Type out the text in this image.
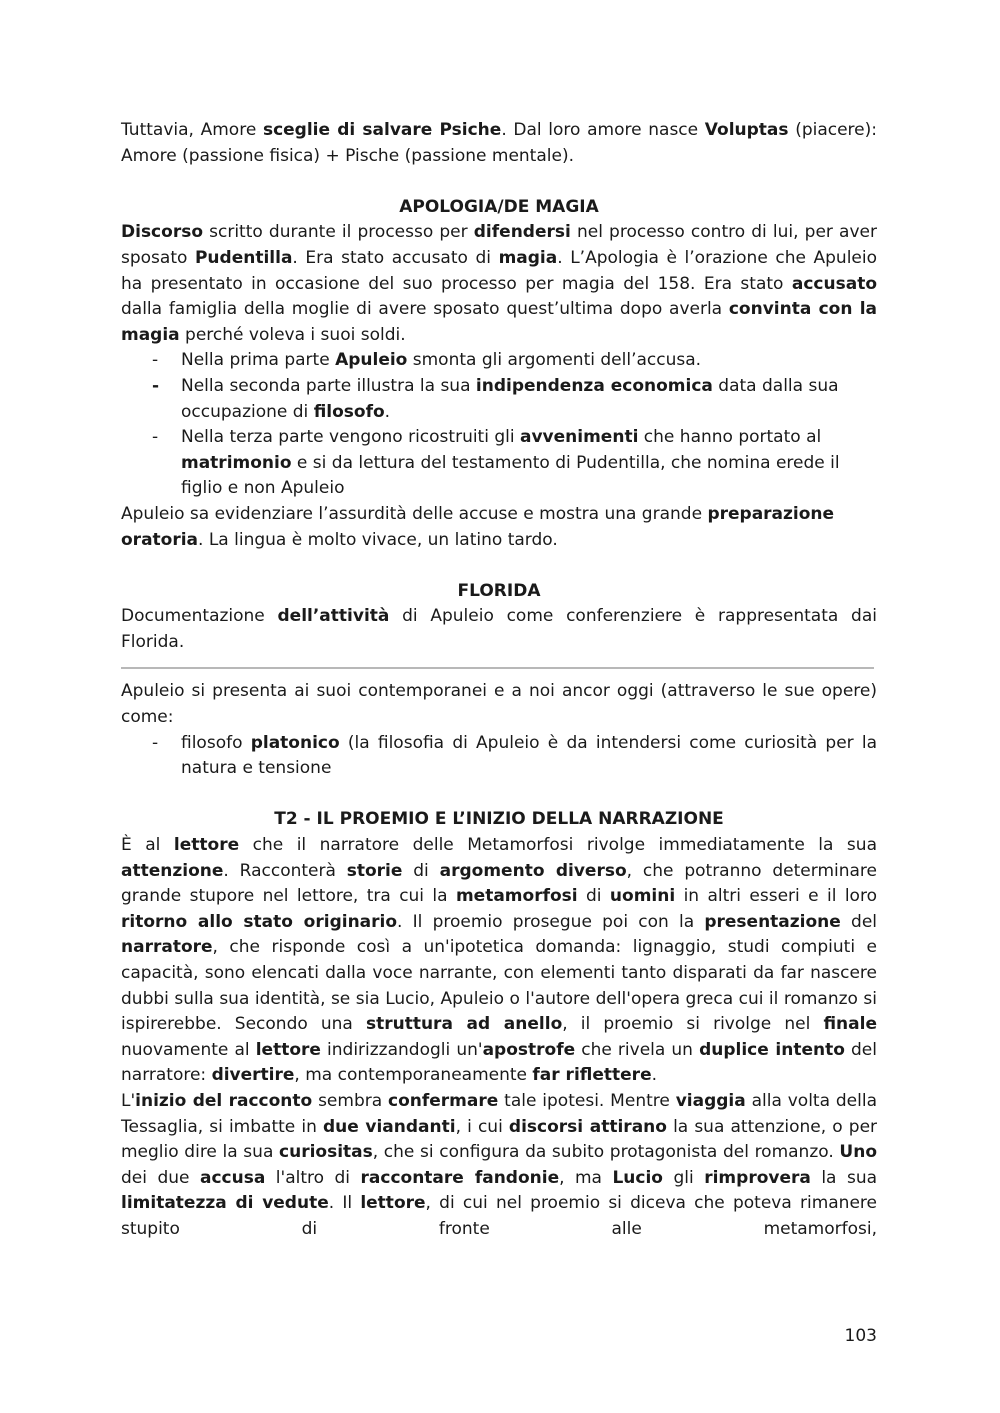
Tuttavia, Amore sceglie di salvare Psiche. Dal loro amore nasce Voluptas (piacere): Amore (passione fisica) + Pische (passione mentale).

APOLOGIA/DE MAGIA

Discorso scritto durante il processo per difendersi nel processo contro di lui, per aver sposato Pudentilla. Era stato accusato di magia. L’Apologia è l’orazione che Apuleio ha presentato in occasione del suo processo per magia del 158. Era stato accusato dalla famiglia della moglie di avere sposato quest’ultima dopo averla convinta con la magia perché voleva i suoi soldi.

- Nella prima parte Apuleio smonta gli argomenti dell’accusa.
- Nella seconda parte illustra la sua indipendenza economica data dalla sua occupazione di filosofo.
- Nella terza parte vengono ricostruiti gli avvenimenti che hanno portato al matrimonio e si da lettura del testamento di Pudentilla, che nomina erede il figlio e non Apuleio

Apuleio sa evidenziare l’assurdità delle accuse e mostra una grande preparazione oratoria. La lingua è molto vivace, un latino tardo.

FLORIDA

Documentazione dell’attività di Apuleio come conferenziere è rappresentata dai Florida.

Apuleio si presenta ai suoi contemporanei e a noi ancor oggi (attraverso le sue opere) come:

- filosofo platonico (la filosofia di Apuleio è da intendersi come curiosità per la natura e tensione
T2 - IL PROEMIO E L’INIZIO DELLA NARRAZIONE

È al lettore che il narratore delle Metamorfosi rivolge immediatamente la sua attenzione. Racconterà storie di argomento diverso, che potranno determinare grande stupore nel lettore, tra cui la metamorfosi di uomini in altri esseri e il loro ritorno allo stato originario. Il proemio prosegue poi con la presentazione del narratore, che risponde così a un'ipotetica domanda: lignaggio, studi compiuti e capacità, sono elencati dalla voce narrante, con elementi tanto disparati da far nascere dubbi sulla sua identità, se sia Lucio, Apuleio o l'autore dell'opera greca cui il romanzo si ispirerebbe. Secondo una struttura ad anello, il proemio si rivolge nel finale nuovamente al lettore indirizzandogli un'apostrofe che rivela un duplice intento del narratore: divertire, ma contemporaneamente far riflettere.

L'inizio del racconto sembra confermare tale ipotesi. Mentre viaggia alla volta della Tessaglia, si imbatte in due viandanti, i cui discorsi attirano la sua attenzione, o per meglio dire la sua curiositas, che si configura da subito protagonista del romanzo. Uno dei due accusa l'altro di raccontare fandonie, ma Lucio gli rimprovera la sua limitatezza di vedute. Il lettore, di cui nel proemio si diceva che poteva rimanere stupito di fronte alle metamorfosi,

103
